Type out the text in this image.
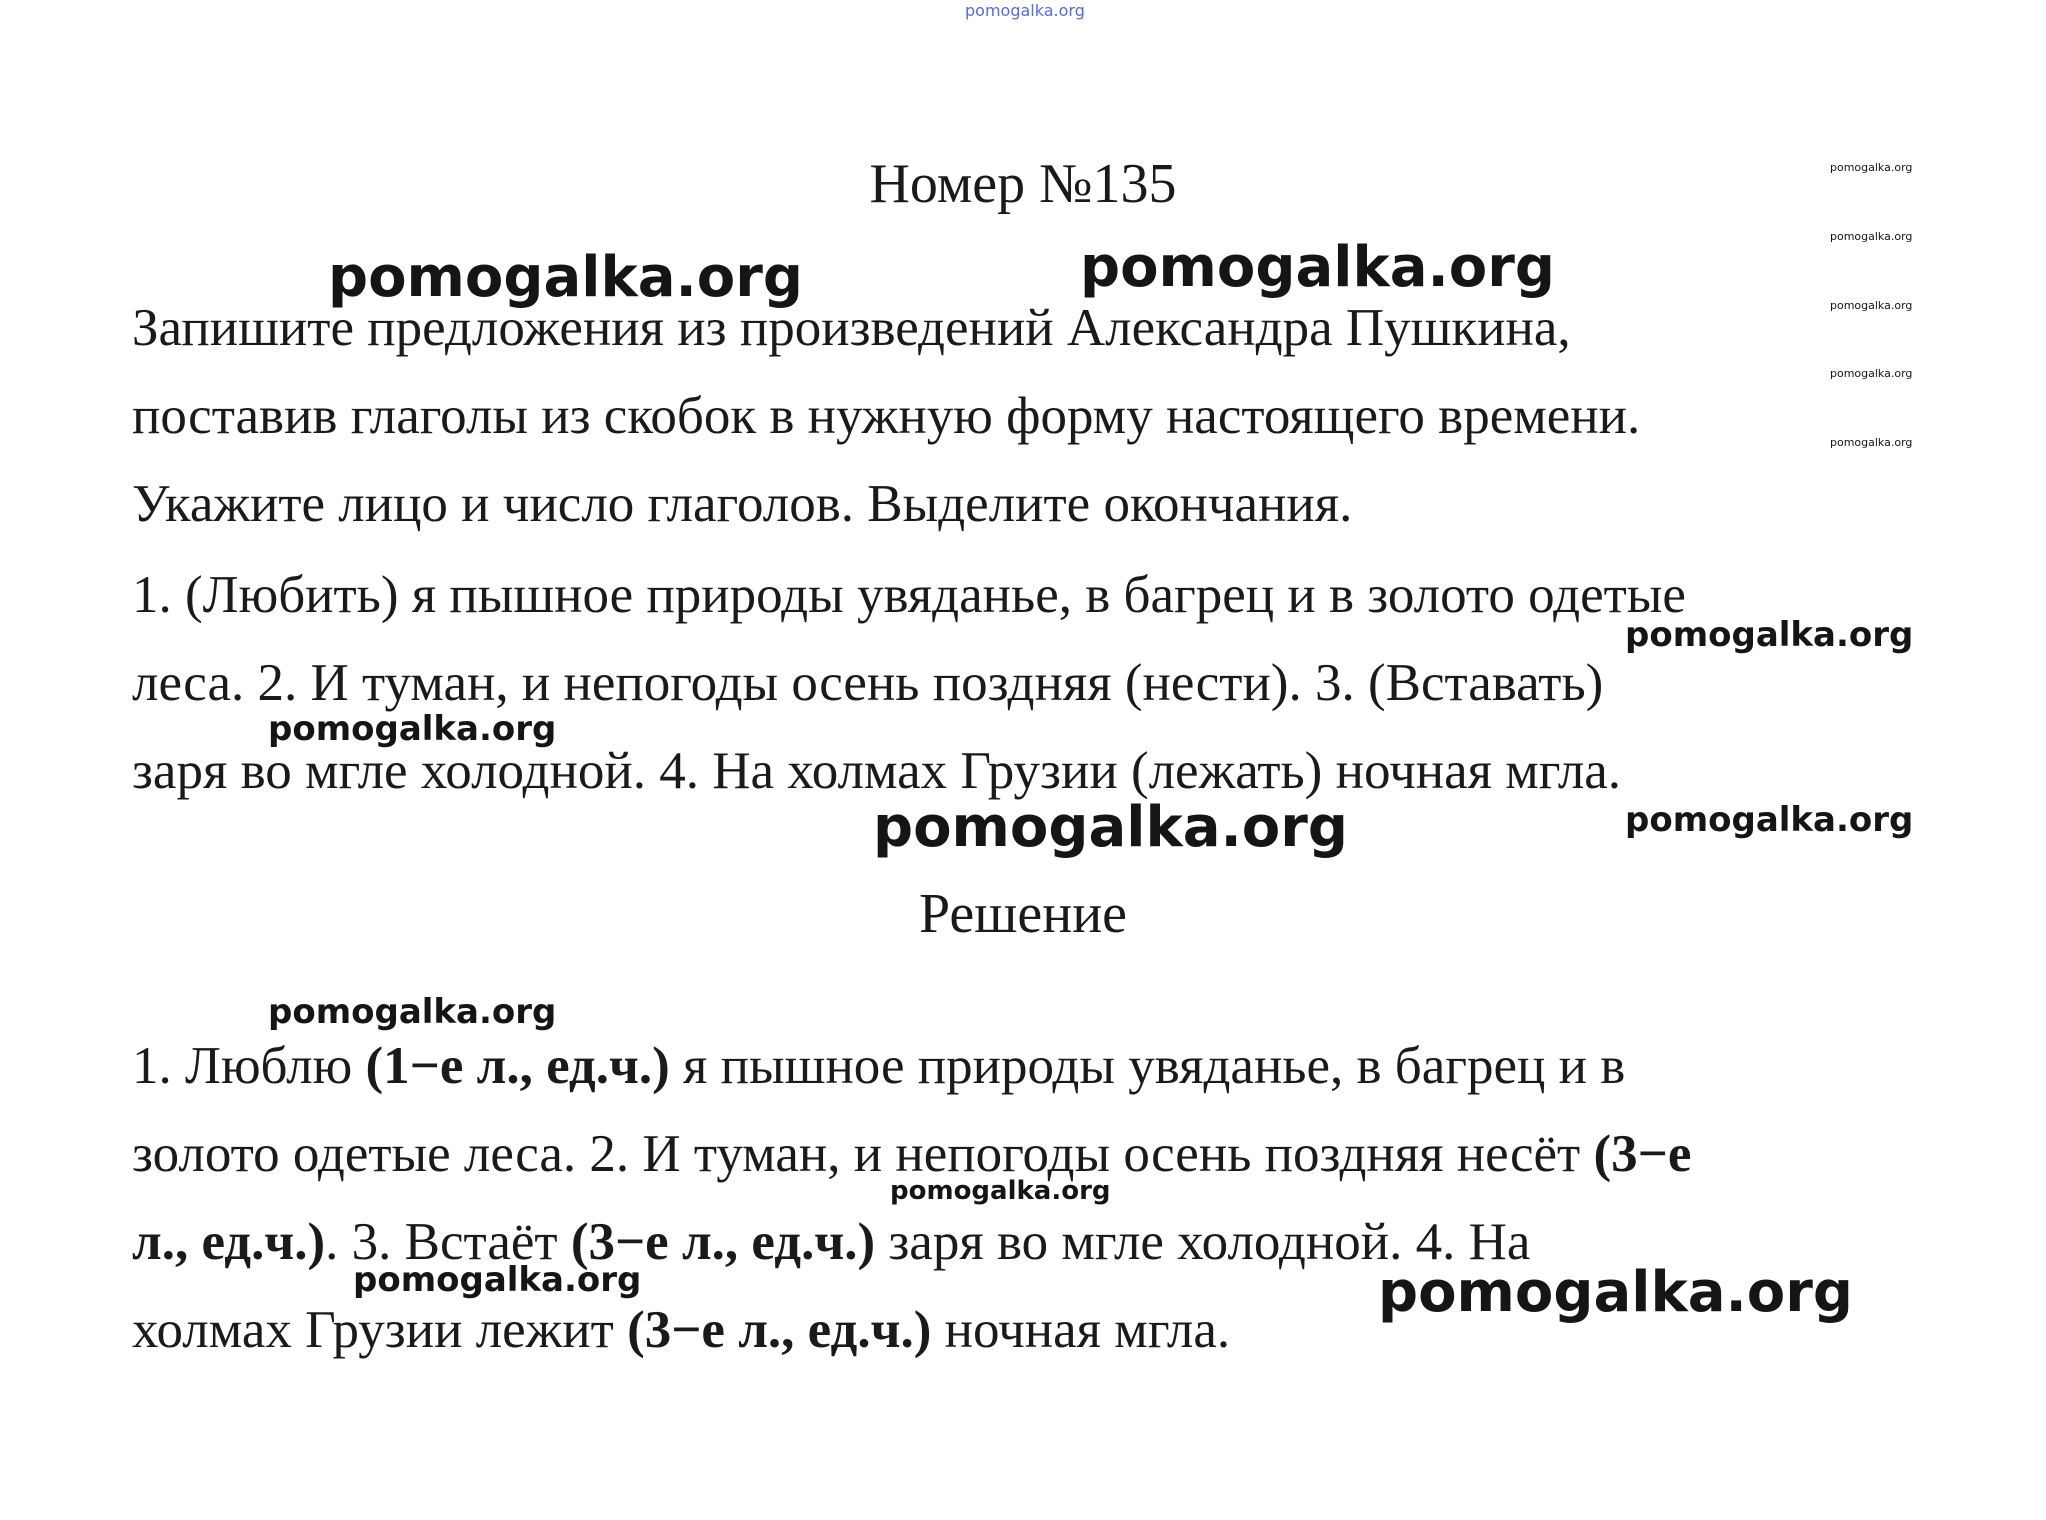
pomogalka.org
Номер №135
Запишите предложения из произведений Александра Пушкина,
поставив глаголы из скобок в нужную форму настоящего времени.
Укажите лицо и число глаголов. Выделите окончания.
1. (Любить) я пышное природы увяданье, в багрец и в золото одетые
леса. 2. И туман, и непогоды осень поздняя (нести). 3. (Вставать)
заря во мгле холодной. 4. На холмах Грузии (лежать) ночная мгла.
Решение
1. Люблю (1−е л., ед.ч.) я пышное природы увяданье, в багрец и в
золото одетые леса. 2. И туман, и непогоды осень поздняя несёт (3−е
л., ед.ч.). 3. Встаёт (3−е л., ед.ч.) заря во мгле холодной. 4. На
холмах Грузии лежит (3−е л., ед.ч.) ночная мгла.
pomogalka.org	pomogalka.org
pomogalka.org
pomogalka.org
pomogalka.org
pomogalka.org
pomogalka.org
pomogalka.org
pomogalka.org
pomogalka.org
pomogalka.org
pomogalka.org
pomogalka.org
pomogalka.org
pomogalka.org
